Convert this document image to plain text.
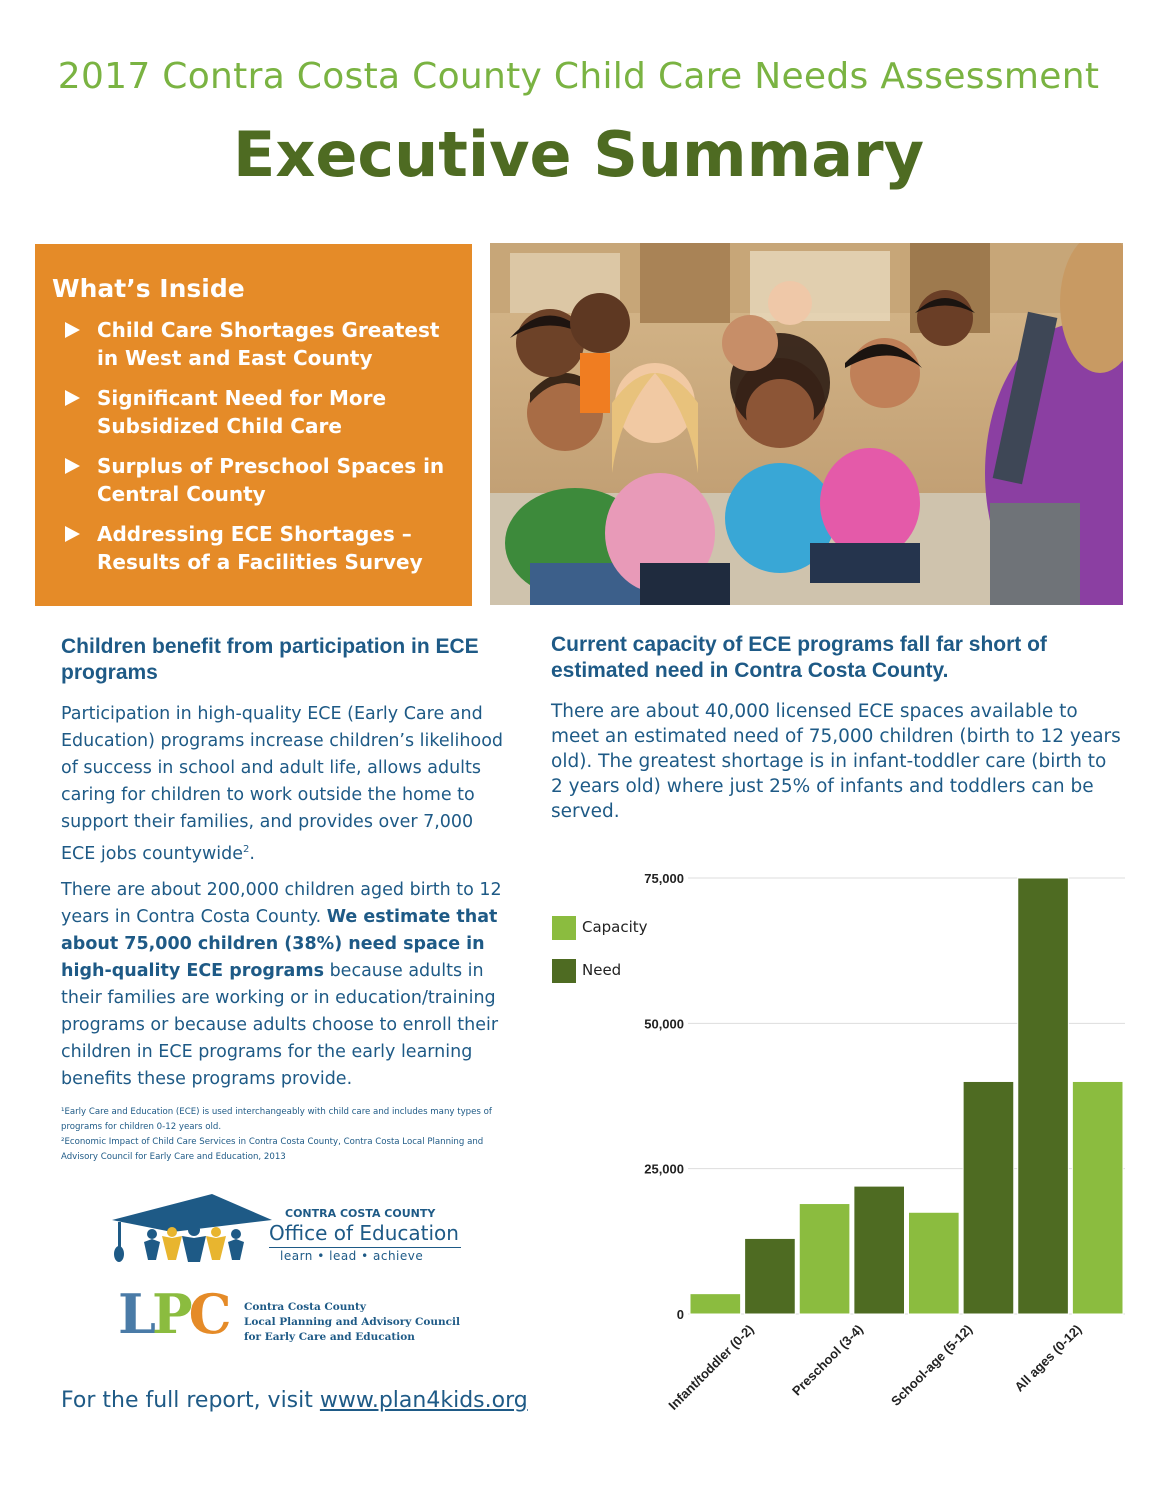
2017 Contra Costa County Child Care Needs Assessment
Executive Summary
What’s Inside
Child Care Shortages Greatest in West and East County
Significant Need for More Subsidized Child Care
Surplus of Preschool Spaces in Central County
Addressing ECE Shortages – Results of a Facilities Survey
Children benefit from participation in ECE programs
Participation in high-quality ECE (Early Care and Education) programs increase children’s likelihood of success in school and adult life, allows adults caring for children to work outside the home to support their families, and provides over 7,000 ECE jobs countywide$^2$.
There are about 200,000 children aged birth to 12 years in Contra Costa County. We estimate that about 75,000 children (38%) need space in high-quality ECE programs because adults in their families are working or in education/training programs or because adults choose to enroll their children in ECE programs for the early learning benefits these programs provide.
¹Early Care and Education (ECE) is used interchangeably with child care and includes many types of programs for children 0-12 years old.
²Economic Impact of Child Care Services in Contra Costa County, Contra Costa Local Planning and Advisory Council for Early Care and Education, 2013
CONTRA COSTA COUNTY
Office of Education
learn • lead • achieve
LPC Contra Costa County
Local Planning and Advisory Council
for Early Care and Education
For the full report, visit www.plan4kids.org
Current capacity of ECE programs fall far short of estimated need in Contra Costa County.
There are about 40,000 licensed ECE spaces available to meet an estimated need of 75,000 children (birth to 12 years old). The greatest shortage is in infant-toddler care (birth to 2 years old) where just 25% of infants and toddlers can be served.
0
25,000
50,000
75,000
Infant/toddler (0-2) Preschool (3-4) School-age (5-12)	All ages (0-12)
Capacity
Need
